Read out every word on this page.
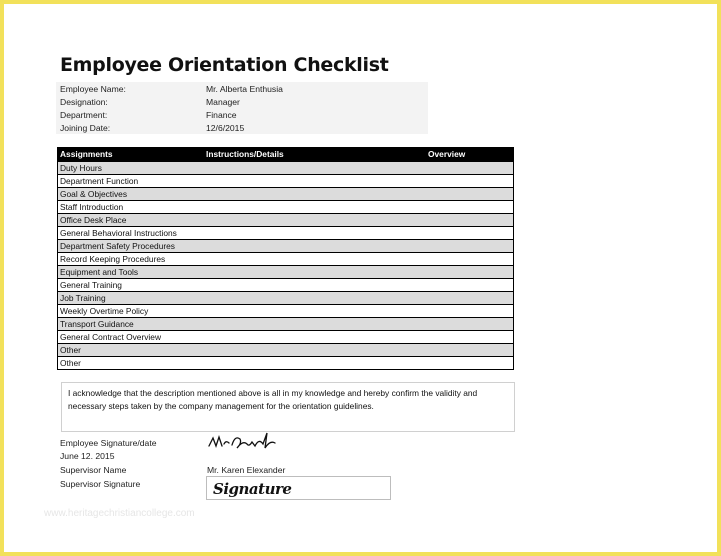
Employee Orientation Checklist
Employee Name:	Mr. Alberta Enthusia
Designation:	Manager
Department:	Finance
Joining Date:	12/6/2015
Assignments	Instructions/Details	Overview
Duty Hours
Department Function
Goal & Objectives
Staff Introduction
Office Desk Place
General Behavioral Instructions
Department Safety Procedures
Record Keeping Procedures
Equipment and Tools
General Training
Job Training
Weekly Overtime Policy
Transport Guidance
General Contract Overview
Other
Other
I acknowledge that the description mentioned above is all in my knowledge and hereby confirm the validity and necessary steps taken by the company management for the orientation guidelines.
Employee Signature/date
June 12. 2015
Supervisor Name	Mr. Karen Elexander
Supervisor Signature	Signature
www.heritagechristiancollege.com
